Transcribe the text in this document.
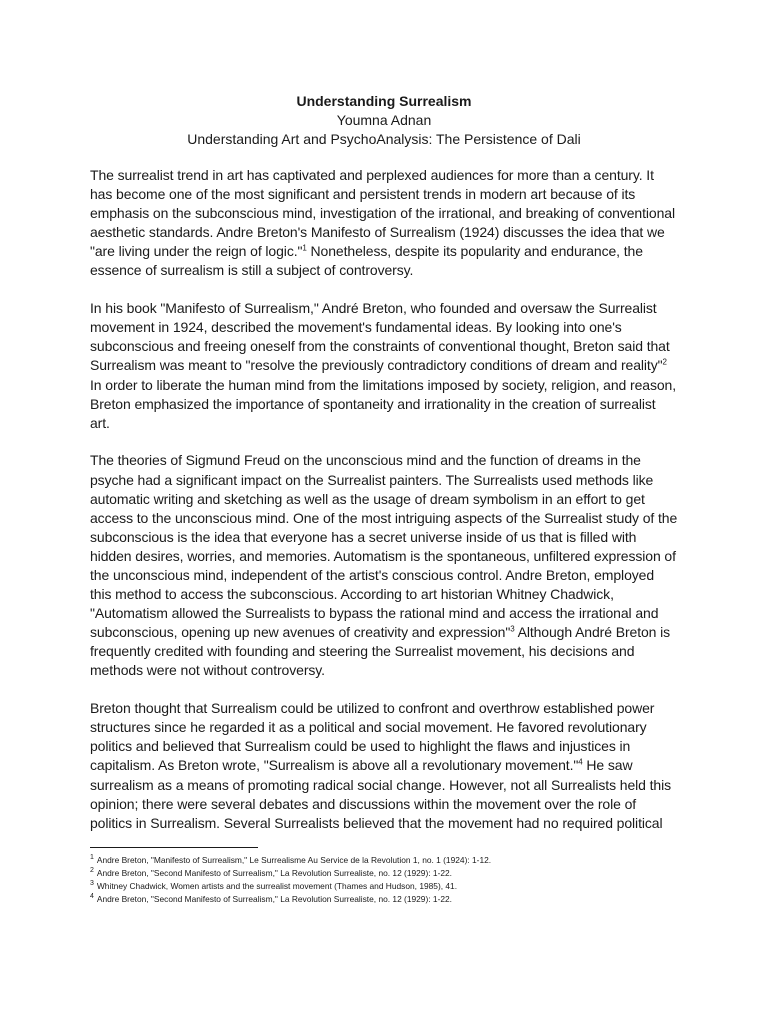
Understanding Surrealism
Youmna Adnan
Understanding Art and PsychoAnalysis: The Persistence of Dali

The surrealist trend in art has captivated and perplexed audiences for more than a century. It has become one of the most significant and persistent trends in modern art because of its emphasis on the subconscious mind, investigation of the irrational, and breaking of conventional aesthetic standards. Andre Breton's Manifesto of Surrealism (1924) discusses the idea that we "are living under the reign of logic."$^1$ Nonetheless, despite its popularity and endurance, the essence of surrealism is still a subject of controversy.

In his book "Manifesto of Surrealism," André Breton, who founded and oversaw the Surrealist movement in 1924, described the movement's fundamental ideas. By looking into one's subconscious and freeing oneself from the constraints of conventional thought, Breton said that Surrealism was meant to "resolve the previously contradictory conditions of dream and reality"$^2$ In order to liberate the human mind from the limitations imposed by society, religion, and reason, Breton emphasized the importance of spontaneity and irrationality in the creation of surrealist art.

The theories of Sigmund Freud on the unconscious mind and the function of dreams in the psyche had a significant impact on the Surrealist painters. The Surrealists used methods like automatic writing and sketching as well as the usage of dream symbolism in an effort to get access to the unconscious mind. One of the most intriguing aspects of the Surrealist study of the subconscious is the idea that everyone has a secret universe inside of us that is filled with hidden desires, worries, and memories. Automatism is the spontaneous, unfiltered expression of the unconscious mind, independent of the artist's conscious control. Andre Breton, employed this method to access the subconscious. According to art historian Whitney Chadwick, "Automatism allowed the Surrealists to bypass the rational mind and access the irrational and subconscious, opening up new avenues of creativity and expression"$^3$ Although André Breton is frequently credited with founding and steering the Surrealist movement, his decisions and methods were not without controversy.

Breton thought that Surrealism could be utilized to confront and overthrow established power structures since he regarded it as a political and social movement. He favored revolutionary politics and believed that Surrealism could be used to highlight the flaws and injustices in capitalism. As Breton wrote, "Surrealism is above all a revolutionary movement."$^4$ He saw surrealism as a means of promoting radical social change. However, not all Surrealists held this opinion; there were several debates and discussions within the movement over the role of politics in Surrealism. Several Surrealists believed that the movement had no required political

$^1$ Andre Breton, "Manifesto of Surrealism," Le Surrealisme Au Service de la Revolution 1, no. 1 (1924): 1-12.
$^2$ Andre Breton, "Second Manifesto of Surrealism," La Revolution Surrealiste, no. 12 (1929): 1-22.
$^3$ Whitney Chadwick, Women artists and the surrealist movement (Thames and Hudson, 1985), 41.
$^4$ Andre Breton, "Second Manifesto of Surrealism," La Revolution Surrealiste, no. 12 (1929): 1-22.
